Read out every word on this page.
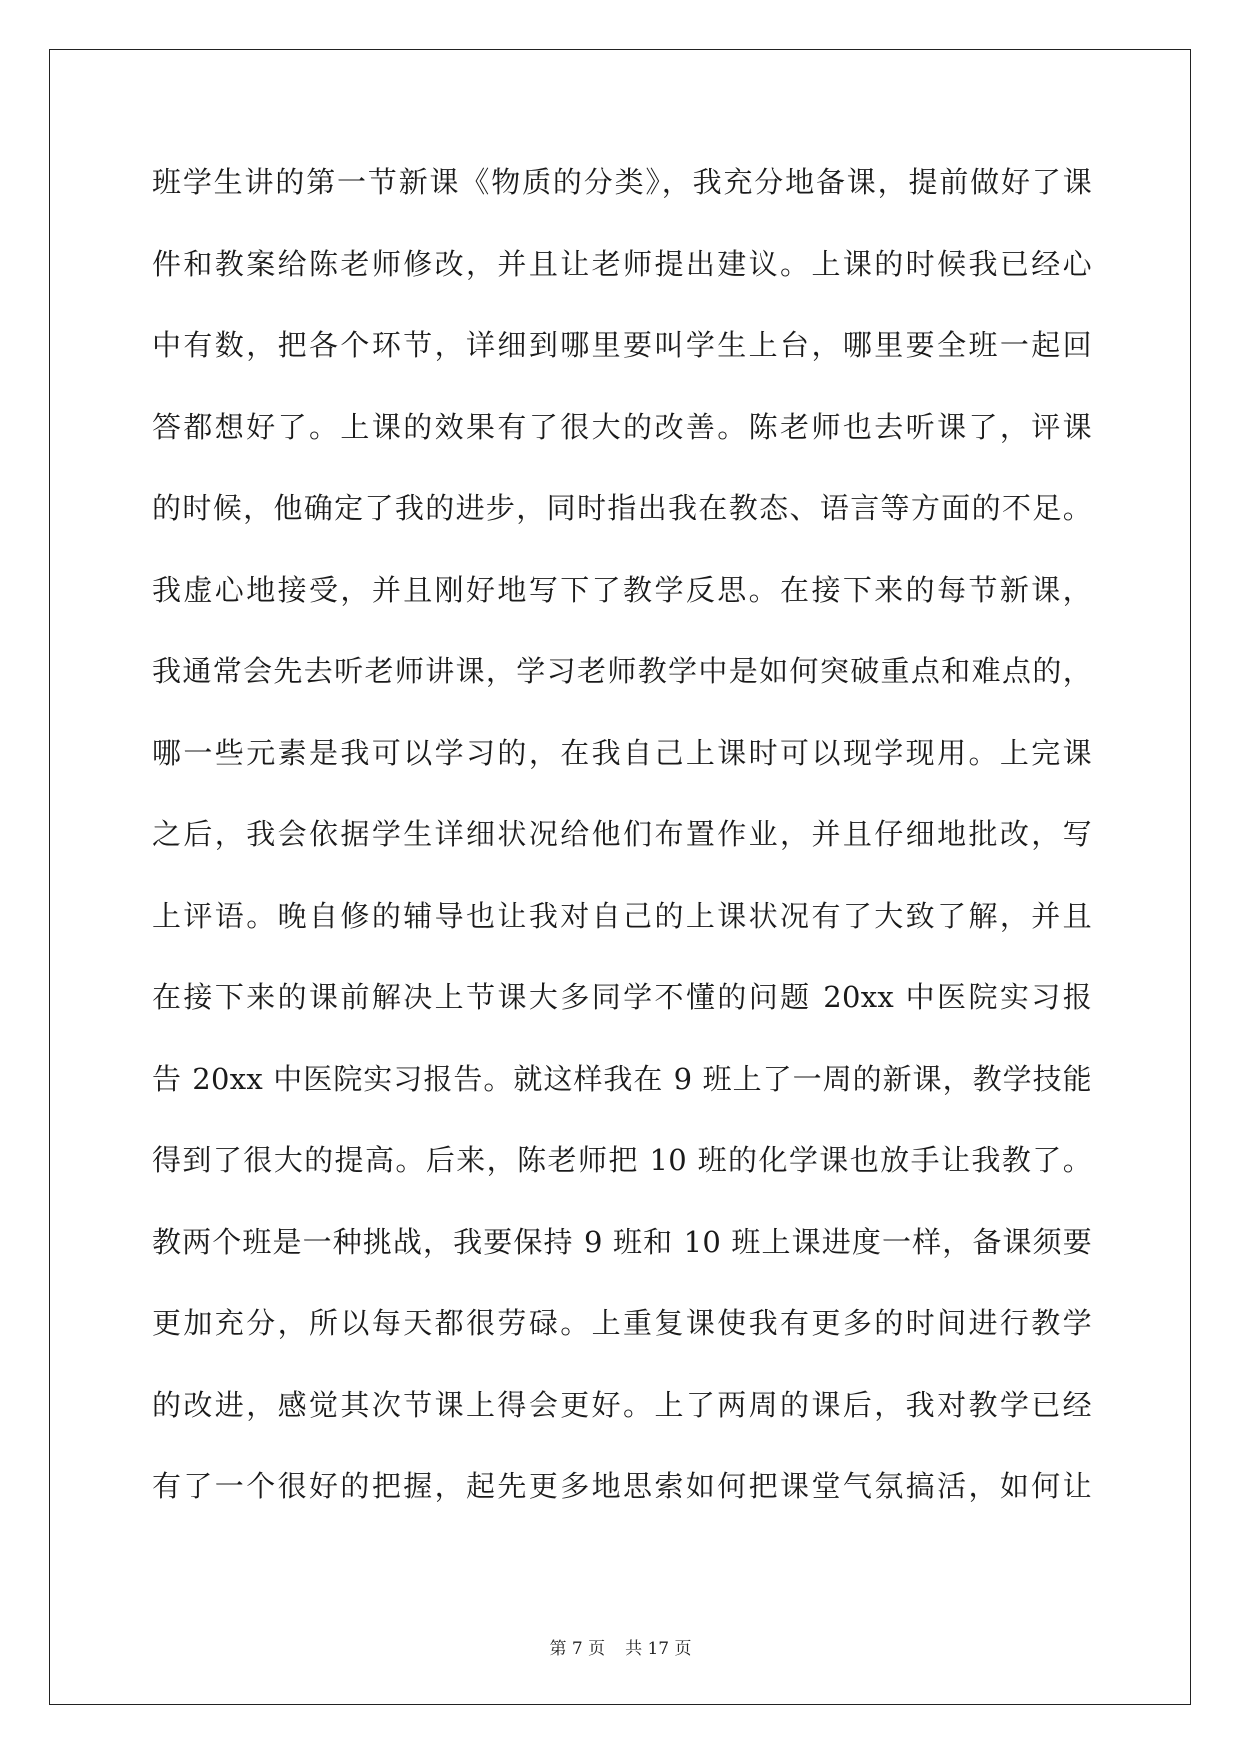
班学生讲的第一节新课《物质的分类》，我充分地备课，提前做好了课
件和教案给陈老师修改，并且让老师提出建议。上课的时候我已经心
中有数，把各个环节，详细到哪里要叫学生上台，哪里要全班一起回
答都想好了。上课的效果有了很大的改善。陈老师也去听课了，评课
的时候，他确定了我的进步，同时指出我在教态、语言等方面的不足。
我虚心地接受，并且刚好地写下了教学反思。在接下来的每节新课，
我通常会先去听老师讲课，学习老师教学中是如何突破重点和难点的，
哪一些元素是我可以学习的，在我自己上课时可以现学现用。上完课
之后，我会依据学生详细状况给他们布置作业，并且仔细地批改，写
上评语。晚自修的辅导也让我对自己的上课状况有了大致了解，并且
在接下来的课前解决上节课大多同学不懂的问题 20xx 中医院实习报
告 20xx 中医院实习报告。就这样我在 9 班上了一周的新课，教学技能
得到了很大的提高。后来，陈老师把 10 班的化学课也放手让我教了。
教两个班是一种挑战，我要保持 9 班和 10 班上课进度一样，备课须要
更加充分，所以每天都很劳碌。上重复课使我有更多的时间进行教学
的改进，感觉其次节课上得会更好。上了两周的课后，我对教学已经
有了一个很好的把握，起先更多地思索如何把课堂气氛搞活，如何让
第 7 页 共 17 页
